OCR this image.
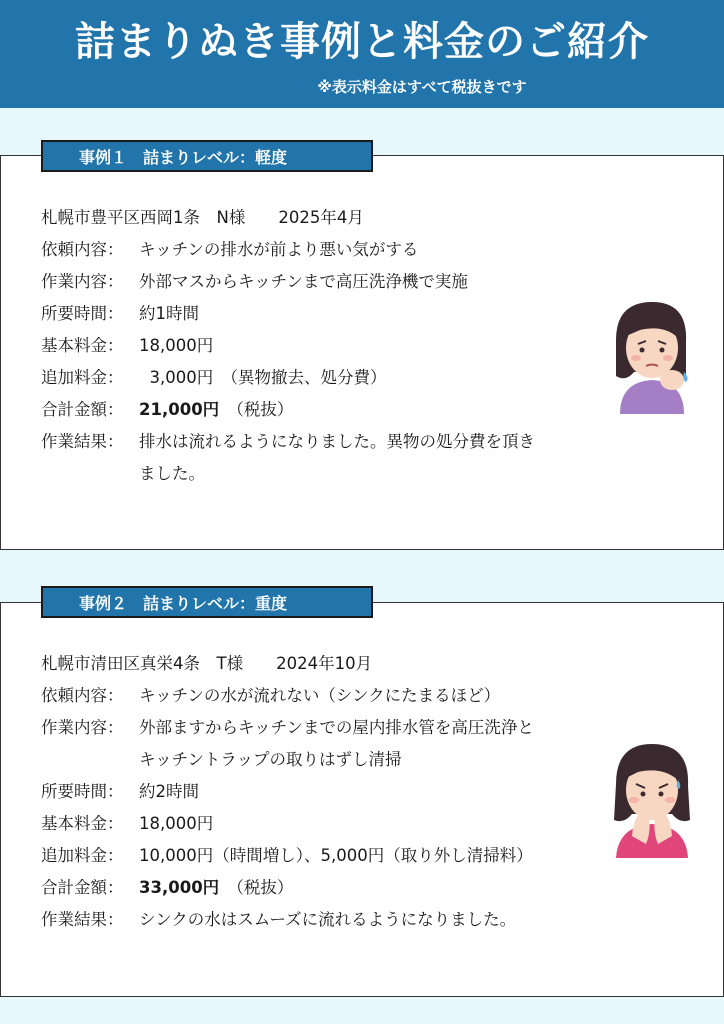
詰まりぬき事例と料金のご紹介
※表示料金はすべて税抜きです
事例１　詰まりレベル：軽度
札幌市豊平区西岡1条　N様　　2025年4月
依頼内容： キッチンの排水が前より悪い気がする
作業内容： 外部マスからキッチンまで高圧洗浄機で実施
所要時間： 約1時間
基本料金： 18,000円
追加料金：  3,000円　（異物撤去、処分費）
合計金額： 21,000円　（税抜）
作業結果： 排水は流れるようになりました。異物の処分費を頂き
ました。
事例２　詰まりレベル：重度
札幌市清田区真栄4条　T様　　2024年10月
依頼内容： キッチンの水が流れない（シンクにたまるほど）
作業内容： 外部ますからキッチンまでの屋内排水管を高圧洗浄と
キッチントラップの取りはずし清掃
所要時間： 約2時間
基本料金： 18,000円
追加料金： 10,000円（時間増し）、5,000円（取り外し清掃料）
合計金額： 33,000円　（税抜）
作業結果： シンクの水はスムーズに流れるようになりました。
